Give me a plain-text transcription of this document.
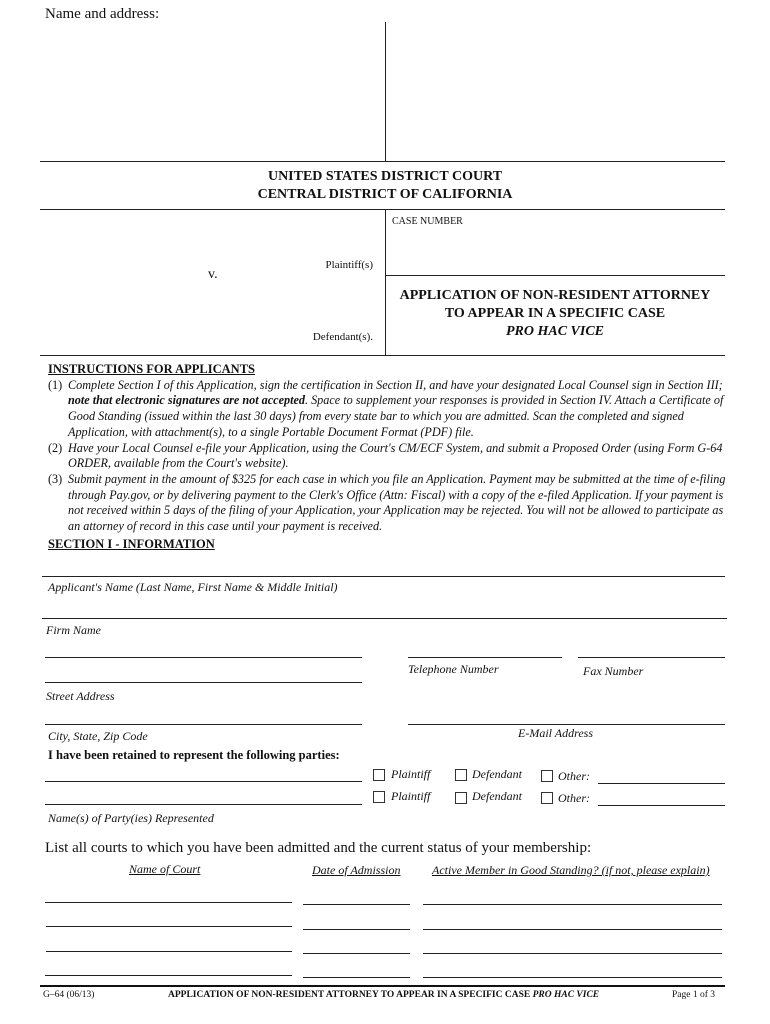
Name and address:
UNITED STATES DISTRICT COURT
CENTRAL DISTRICT OF CALIFORNIA
CASE NUMBER
Plaintiff(s)
v.
Defendant(s).
APPLICATION OF NON-RESIDENT ATTORNEY
TO APPEAR IN A SPECIFIC CASE
PRO HAC VICE
INSTRUCTIONS FOR APPLICANTS
(1) Complete Section I of this Application, sign the certification in Section II, and have your designated Local Counsel sign in Section III; note that electronic signatures are not accepted. Space to supplement your responses is provided in Section IV. Attach a Certificate of Good Standing (issued within the last 30 days) from every state bar to which you are admitted. Scan the completed and signed Application, with attachment(s), to a single Portable Document Format (PDF) file.
(2) Have your Local Counsel e-file your Application, using the Court's CM/ECF System, and submit a Proposed Order (using Form G-64 ORDER, available from the Court's website).
(3) Submit payment in the amount of $325 for each case in which you file an Application. Payment may be submitted at the time of e-filing through Pay.gov, or by delivering payment to the Clerk's Office (Attn: Fiscal) with a copy of the e-filed Application. If your payment is not received within 5 days of the filing of your Application, your Application may be rejected. You will not be allowed to participate as an attorney of record in this case until your payment is received.
SECTION I - INFORMATION
Applicant's Name (Last Name, First Name & Middle Initial)
Firm Name
Telephone Number	Fax Number
Street Address
City, State, Zip Code	E-Mail Address
I have been retained to represent the following parties:
Plaintiff	Defendant	Other:
Plaintiff	Defendant	Other:
Name(s) of Party(ies) Represented
List all courts to which you have been admitted and the current status of your membership:
Name of Court	Date of Admission	Active Member in Good Standing? (if not, please explain)
G–64 (06/13)	APPLICATION OF NON-RESIDENT ATTORNEY TO APPEAR IN A SPECIFIC CASE PRO HAC VICE	Page 1 of 3
